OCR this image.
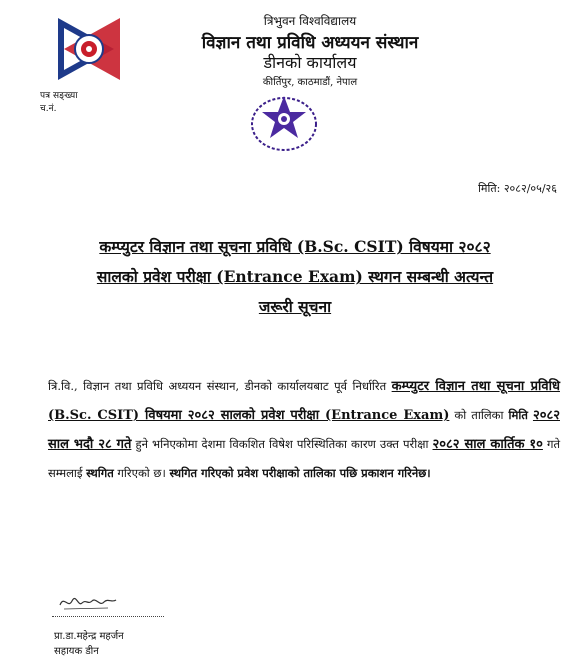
त्रिभुवन विश्वविद्यालय
विज्ञान तथा प्रविधि अध्ययन संस्थान
डीनको कार्यालय
कीर्तिपुर, काठमाडौं, नेपाल
पत्र सङ्ख्या
च.नं.
मिति: २०८२/०५/२६
कम्प्युटर विज्ञान तथा सूचना प्रविधि (B.Sc. CSIT) विषयमा २०८२
सालको प्रवेश परीक्षा (Entrance Exam) स्थगन सम्बन्धी अत्यन्त
जरूरी सूचना
त्रि.वि., विज्ञान तथा प्रविधि अध्ययन संस्थान, डीनको कार्यालयबाट पूर्व निर्धारित कम्प्युटर विज्ञान तथा सूचना प्रविधि (B.Sc. CSIT) विषयमा २०८२ सालको प्रवेश परीक्षा (Entrance Exam) को तालिका मिति २०८२ साल भदौ २८ गते हुने भनिएकोमा देशमा विकशित विषेश परिस्थितिका कारण उक्त परीक्षा २०८२ साल कार्तिक १० गते सम्मलाई स्थगित गरिएको छ। स्थगित गरिएको प्रवेश परीक्षाको तालिका पछि प्रकाशन गरिनेछ।
प्रा.डा.महेन्द्र महर्जन
सहायक डीन
